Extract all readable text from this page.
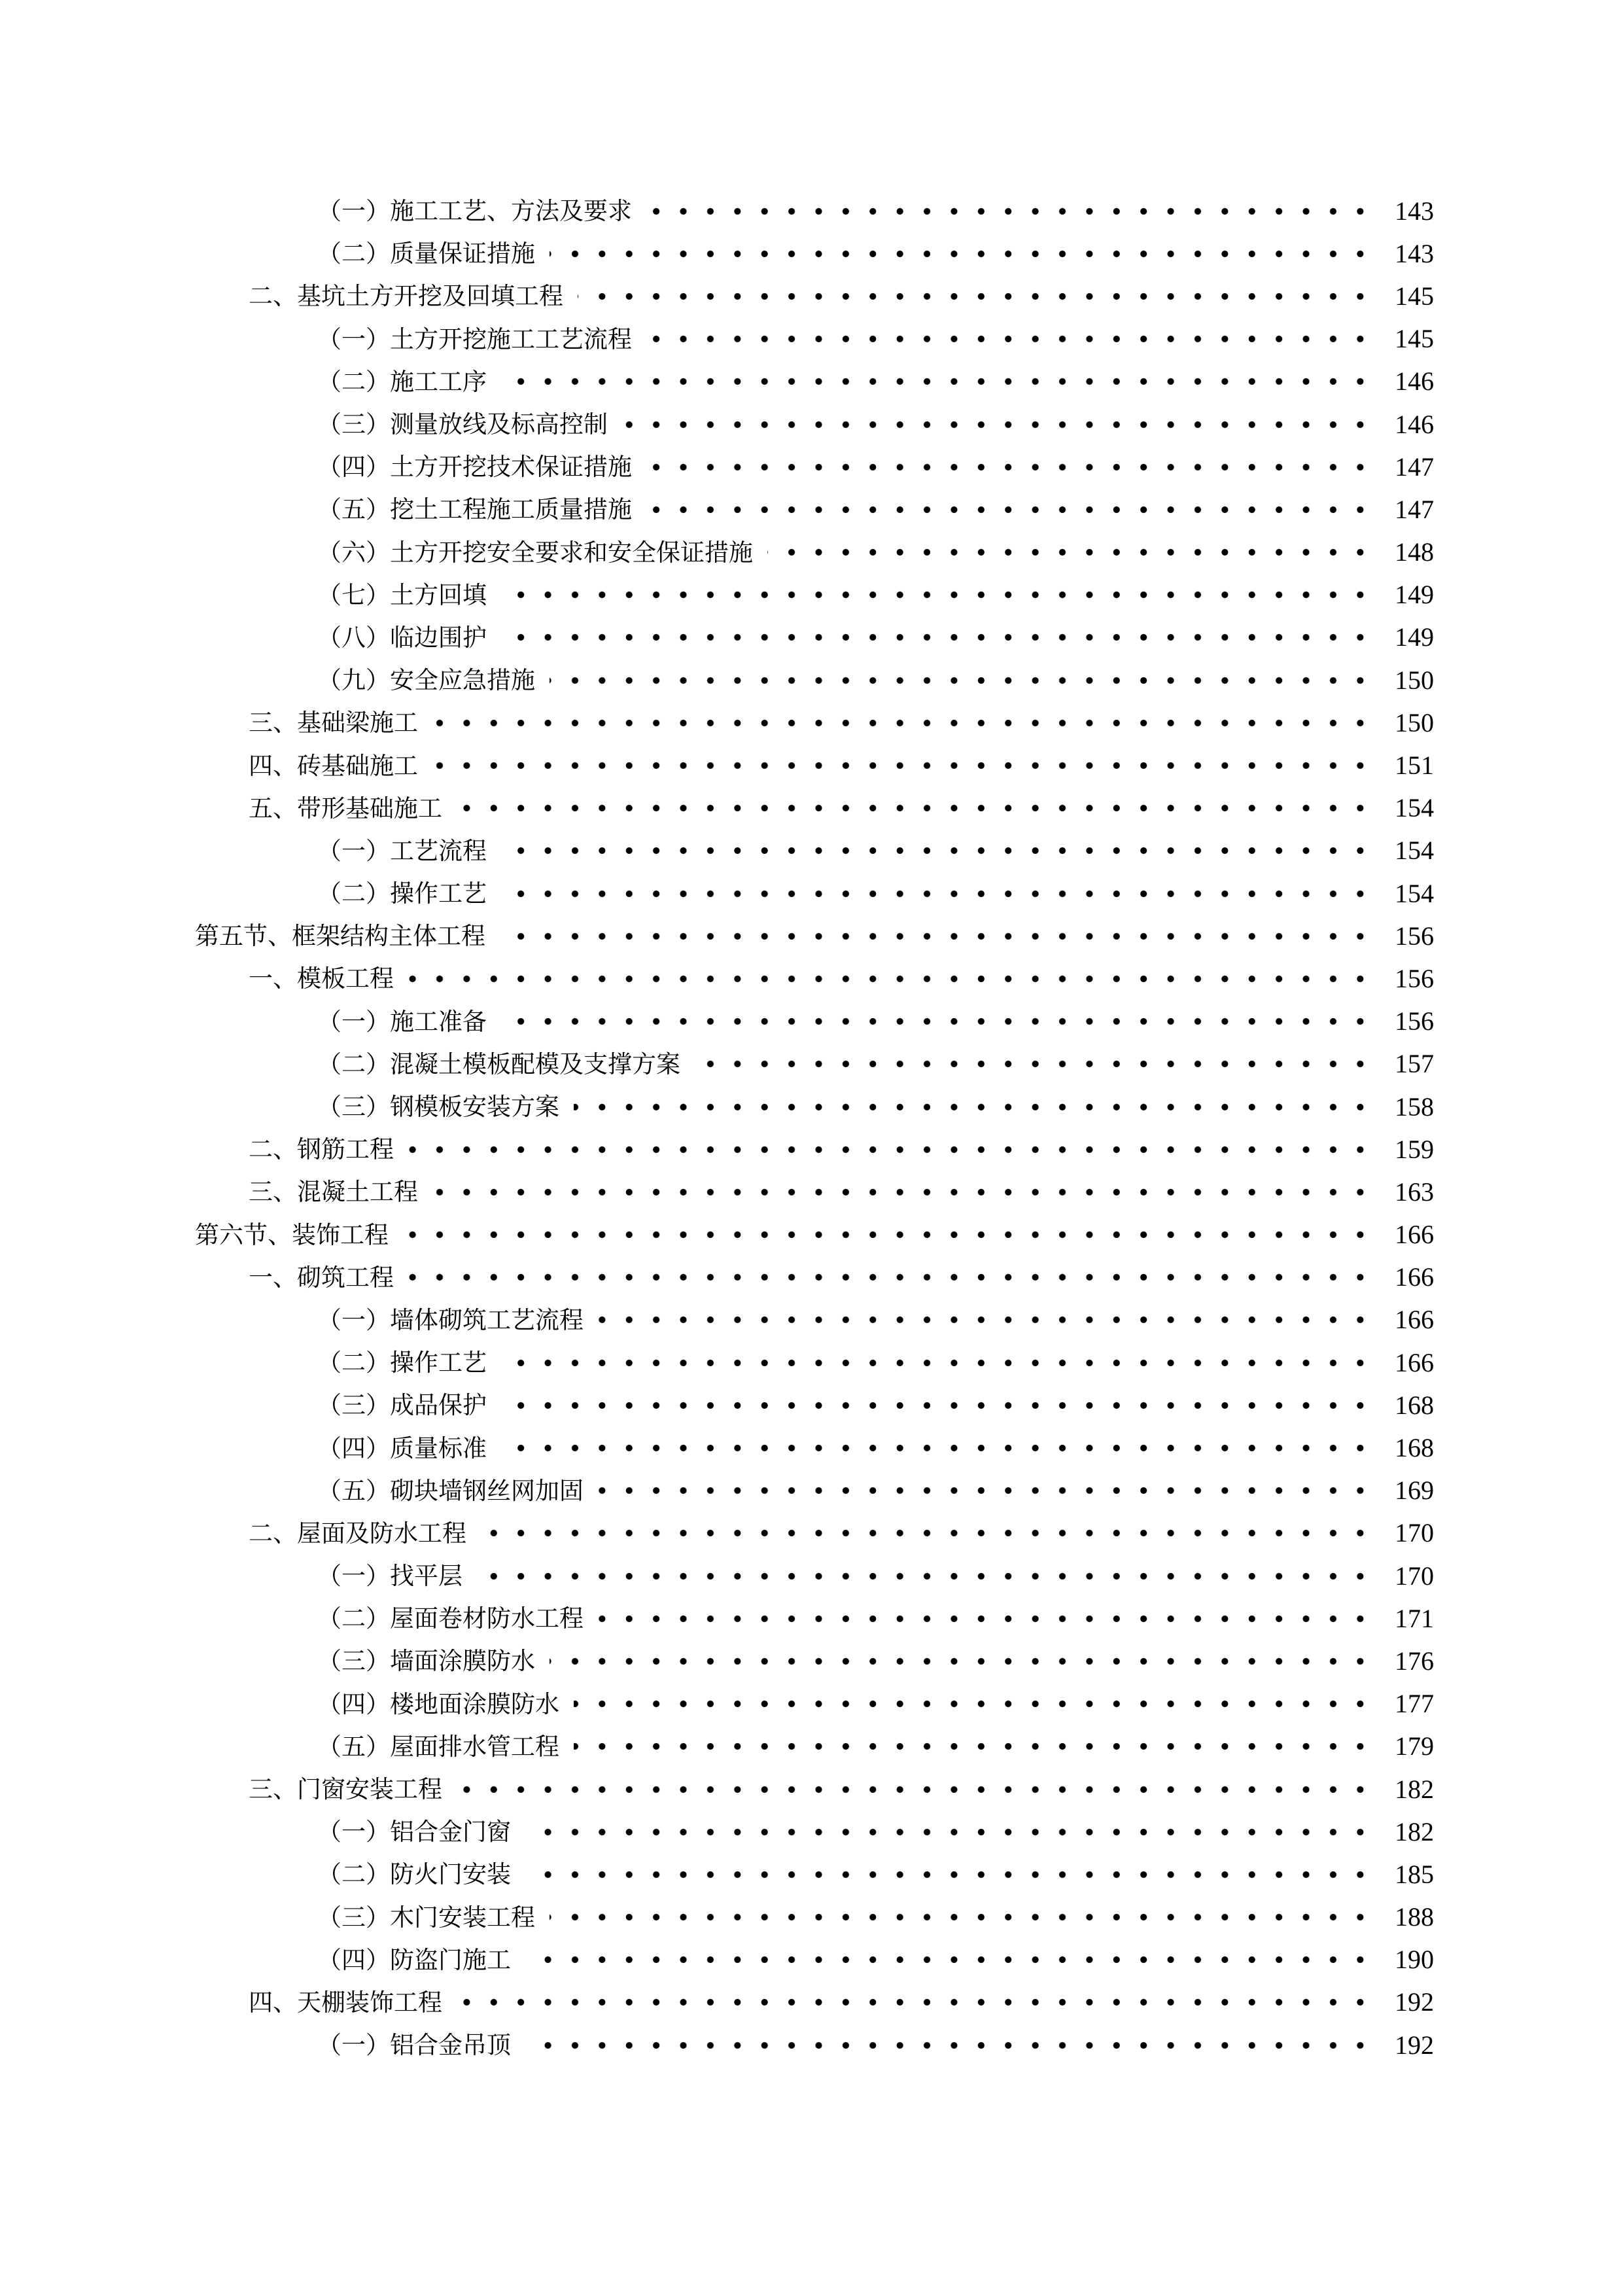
（一）施工工艺、方法及要求	143
（二）质量保证措施	143
二、基坑土方开挖及回填工程	145
（一）土方开挖施工工艺流程	145
（二）施工工序	146
（三）测量放线及标高控制	146
（四）土方开挖技术保证措施	147
（五）挖土工程施工质量措施	147
（六）土方开挖安全要求和安全保证措施	148
（七）土方回填	149
（八）临边围护	149
（九）安全应急措施	150
三、基础梁施工	150
四、砖基础施工	151
五、带形基础施工	154
（一）工艺流程	154
（二）操作工艺	154
第五节、框架结构主体工程	156
一、模板工程	156
（一）施工准备	156
（二）混凝土模板配模及支撑方案	157
（三）钢模板安装方案	158
二、钢筋工程	159
三、混凝土工程	163
第六节、装饰工程	166
一、砌筑工程	166
（一）墙体砌筑工艺流程	166
（二）操作工艺	166
（三）成品保护	168
（四）质量标准	168
（五）砌块墙钢丝网加固	169
二、屋面及防水工程	170
（一）找平层	170
（二）屋面卷材防水工程	171
（三）墙面涂膜防水	176
（四）楼地面涂膜防水	177
（五）屋面排水管工程	179
三、门窗安装工程	182
（一）铝合金门窗	182
（二）防火门安装	185
（三）木门安装工程	188
（四）防盗门施工	190
四、天棚装饰工程	192
（一）铝合金吊顶	192
